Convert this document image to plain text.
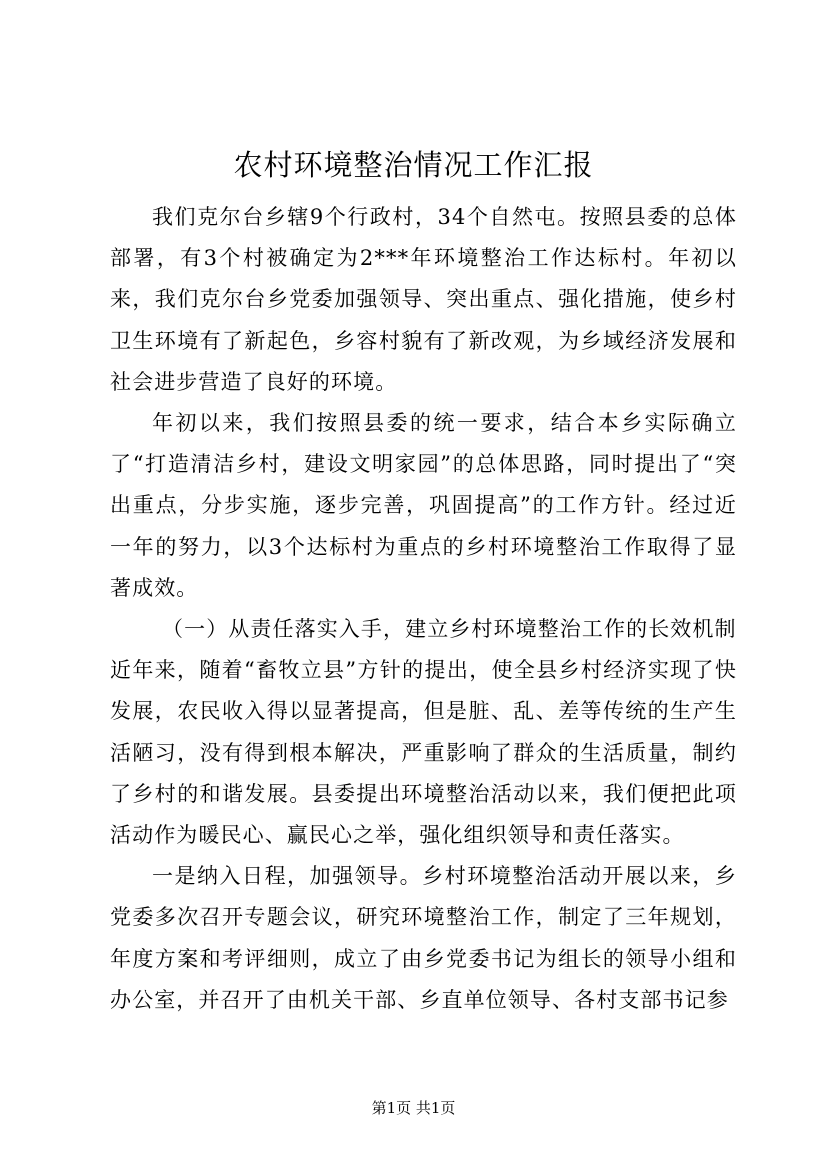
农村环境整治情况工作汇报

我们克尔台乡辖9个行政村，34个自然屯。按照县委的总体部署，有3个村被确定为2***年环境整治工作达标村。年初以来，我们克尔台乡党委加强领导、突出重点、强化措施，使乡村卫生环境有了新起色，乡容村貌有了新改观，为乡域经济发展和社会进步营造了良好的环境。

年初以来，我们按照县委的统一要求，结合本乡实际确立了“打造清洁乡村，建设文明家园”的总体思路，同时提出了“突出重点，分步实施，逐步完善，巩固提高”的工作方针。经过近一年的努力，以3个达标村为重点的乡村环境整治工作取得了显著成效。

（一）从责任落实入手，建立乡村环境整治工作的长效机制

近年来，随着“畜牧立县”方针的提出，使全县乡村经济实现了快发展，农民收入得以显著提高，但是脏、乱、差等传统的生产生活陋习，没有得到根本解决，严重影响了群众的生活质量，制约了乡村的和谐发展。县委提出环境整治活动以来，我们便把此项活动作为暖民心、赢民心之举，强化组织领导和责任落实。

一是纳入日程，加强领导。乡村环境整治活动开展以来，乡党委多次召开专题会议，研究环境整治工作，制定了三年规划，年度方案和考评细则，成立了由乡党委书记为组长的领导小组和办公室，并召开了由机关干部、乡直单位领导、各村支部书记参

第1页 共1页
